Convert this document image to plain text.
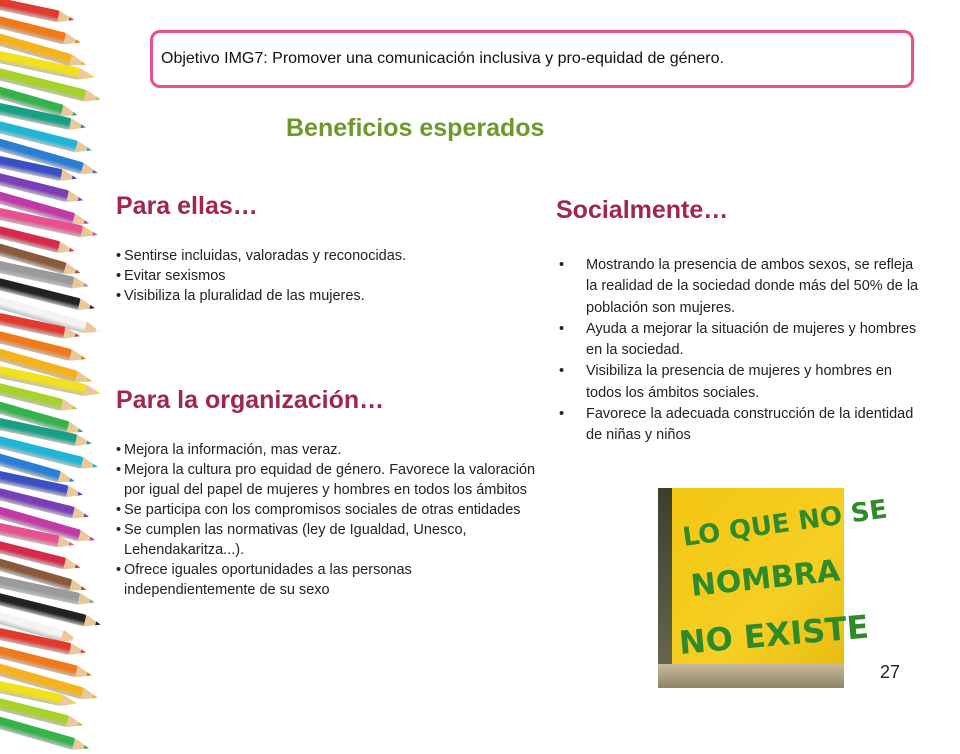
Objetivo IMG7: Promover una comunicación inclusiva y pro-equidad de género.
Beneficios esperados
Para ellas…
• Sentirse incluidas, valoradas y reconocidas.
• Evitar sexismos
• Visibiliza la pluralidad de las mujeres.
Para la organización…
• Mejora la información, mas veraz.
• Mejora la cultura pro equidad de género. Favorece la valoración por igual del papel de mujeres y hombres en todos los ámbitos
• Se participa con los compromisos sociales de otras entidades
• Se cumplen las normativas (ley de Igualdad, Unesco, Lehendakaritza...).
• Ofrece iguales oportunidades a las personas independientemente de su sexo
Socialmente…
• Mostrando la presencia de ambos sexos, se refleja la realidad de la sociedad donde más del 50% de la población son mujeres.
• Ayuda a mejorar la situación de mujeres y hombres en la sociedad.
• Visibiliza la presencia de mujeres y hombres en todos los ámbitos sociales.
• Favorece la adecuada construcción de la identidad de niñas y niños
LO QUE NO SE
NOMBRA
NO EXISTE
27
